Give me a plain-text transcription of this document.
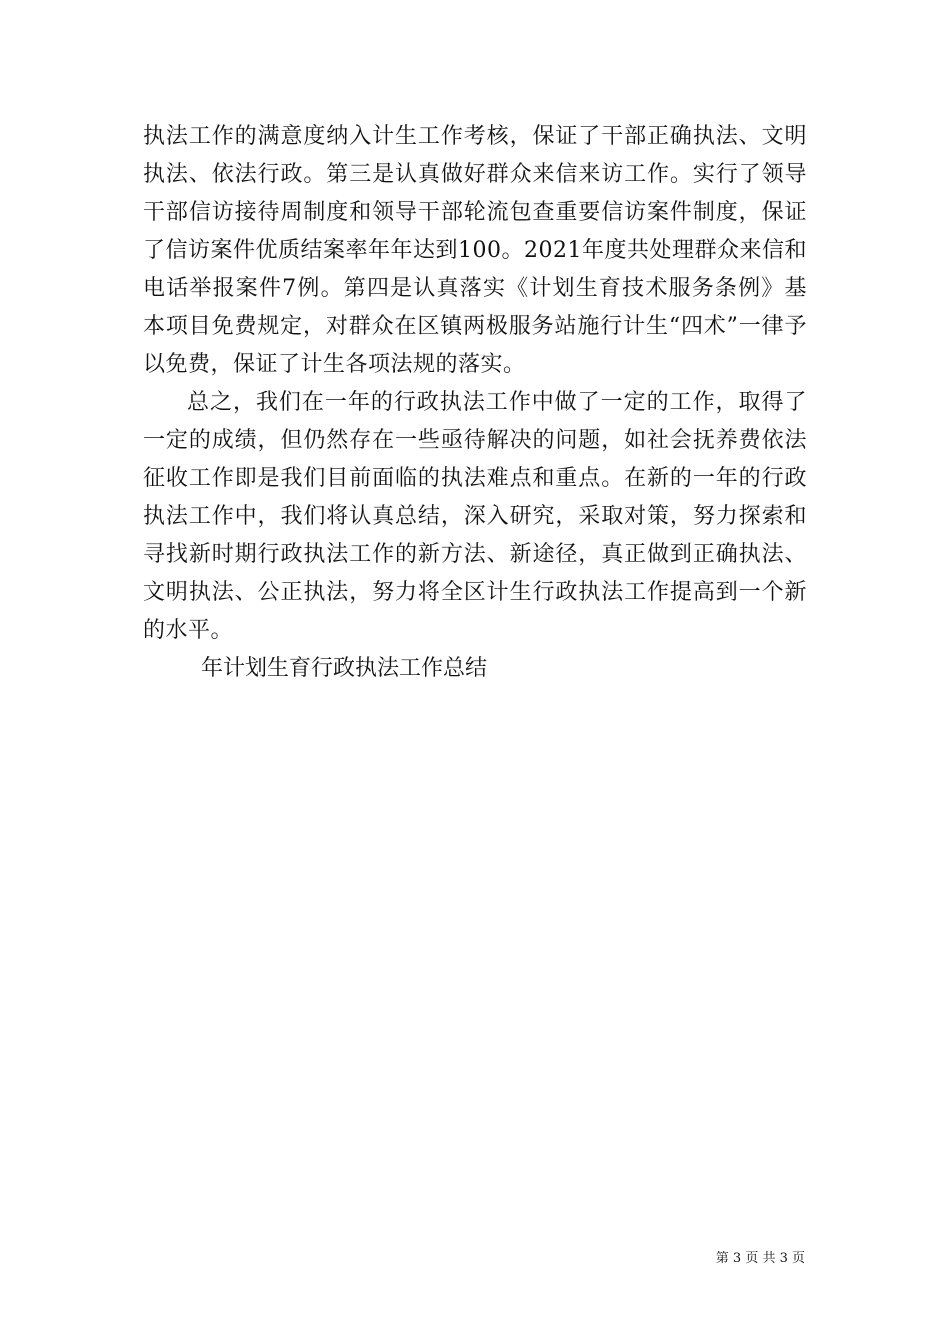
执法工作的满意度纳入计生工作考核，保证了干部正确执法、文明执法、依法行政。第三是认真做好群众来信来访工作。实行了领导干部信访接待周制度和领导干部轮流包查重要信访案件制度，保证了信访案件优质结案率年年达到100。2021年度共处理群众来信和电话举报案件7例。第四是认真落实《计划生育技术服务条例》基本项目免费规定，对群众在区镇两极服务站施行计生“四术”一律予以免费，保证了计生各项法规的落实。

总之，我们在一年的行政执法工作中做了一定的工作，取得了一定的成绩，但仍然存在一些亟待解决的问题，如社会抚养费依法征收工作即是我们目前面临的执法难点和重点。在新的一年的行政执法工作中，我们将认真总结，深入研究，采取对策，努力探索和寻找新时期行政执法工作的新方法、新途径，真正做到正确执法、文明执法、公正执法，努力将全区计生行政执法工作提高到一个新的水平。

年计划生育行政执法工作总结

第 3 页 共 3 页
